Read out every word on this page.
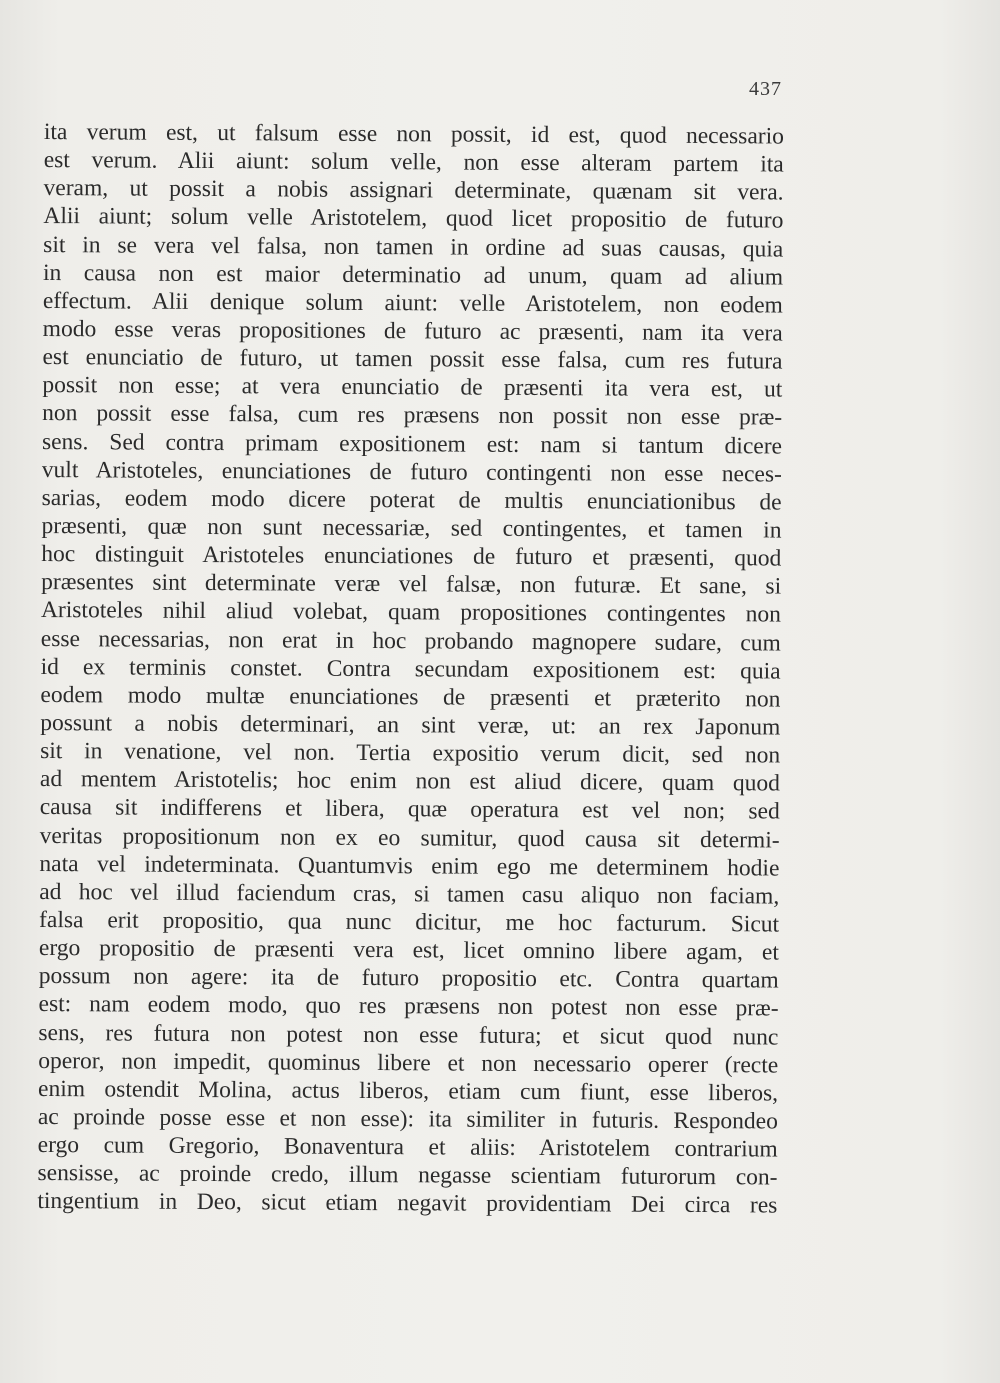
437
ita verum est, ut falsum esse non possit, id est, quod necessario
est verum. Alii aiunt: solum velle, non esse alteram partem ita
veram, ut possit a nobis assignari determinate, quænam sit vera.
Alii aiunt; solum velle Aristotelem, quod licet propositio de futuro
sit in se vera vel falsa, non tamen in ordine ad suas causas, quia
in causa non est maior determinatio ad unum, quam ad alium
effectum. Alii denique solum aiunt: velle Aristotelem, non eodem
modo esse veras propositiones de futuro ac præsenti, nam ita vera
est enunciatio de futuro, ut tamen possit esse falsa, cum res futura
possit non esse; at vera enunciatio de præsenti ita vera est, ut
non possit esse falsa, cum res præsens non possit non esse præ-
sens. Sed contra primam expositionem est: nam si tantum dicere
vult Aristoteles, enunciationes de futuro contingenti non esse neces-
sarias, eodem modo dicere poterat de multis enunciationibus de
præsenti, quæ non sunt necessariæ, sed contingentes, et tamen in
hoc distinguit Aristoteles enunciationes de futuro et præsenti, quod
præsentes sint determinate veræ vel falsæ, non futuræ. Et sane, si
Aristoteles nihil aliud volebat, quam propositiones contingentes non
esse necessarias, non erat in hoc probando magnopere sudare, cum
id ex terminis constet. Contra secundam expositionem est: quia
eodem modo multæ enunciationes de præsenti et præterito non
possunt a nobis determinari, an sint veræ, ut: an rex Japonum
sit in venatione, vel non. Tertia expositio verum dicit, sed non
ad mentem Aristotelis; hoc enim non est aliud dicere, quam quod
causa sit indifferens et libera, quæ operatura est vel non; sed
veritas propositionum non ex eo sumitur, quod causa sit determi-
nata vel indeterminata. Quantumvis enim ego me determinem hodie
ad hoc vel illud faciendum cras, si tamen casu aliquo non faciam,
falsa erit propositio, qua nunc dicitur, me hoc facturum. Sicut
ergo propositio de præsenti vera est, licet omnino libere agam, et
possum non agere: ita de futuro propositio etc. Contra quartam
est: nam eodem modo, quo res præsens non potest non esse præ-
sens, res futura non potest non esse futura; et sicut quod nunc
operor, non impedit, quominus libere et non necessario operer (recte
enim ostendit Molina, actus liberos, etiam cum fiunt, esse liberos,
ac proinde posse esse et non esse): ita similiter in futuris. Respondeo
ergo cum Gregorio, Bonaventura et aliis: Aristotelem contrarium
sensisse, ac proinde credo, illum negasse scientiam futurorum con-
tingentium in Deo, sicut etiam negavit providentiam Dei circa res
